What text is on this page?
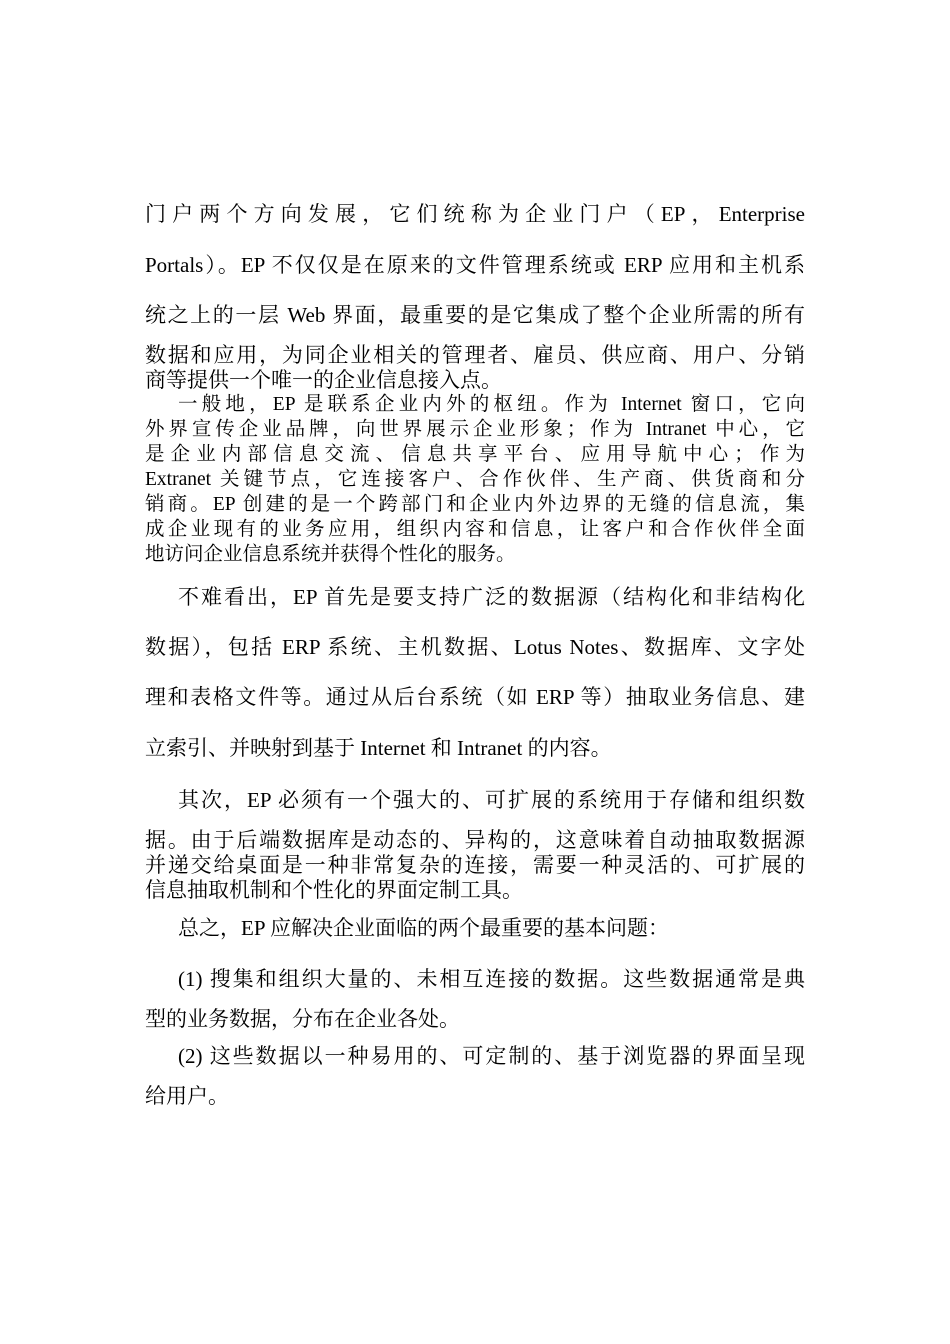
门户两个方向发展，它们统称为企业门户（EP，Enterprise
Portals）。EP 不仅仅是在原来的文件管理系统或 ERP 应用和主机系
统之上的一层 Web 界面，最重要的是它集成了整个企业所需的所有
数据和应用，为同企业相关的管理者、雇员、供应商、用户、分销
商等提供一个唯一的企业信息接入点。
一般地，EP 是联系企业内外的枢纽。作为 Internet 窗口，它向
外界宣传企业品牌，向世界展示企业形象；作为 Intranet 中心，它
是企业内部信息交流、信息共享平台、应用导航中心；作为
Extranet 关键节点，它连接客户、合作伙伴、生产商、供货商和分
销商。EP 创建的是一个跨部门和企业内外边界的无缝的信息流，集
成企业现有的业务应用，组织内容和信息，让客户和合作伙伴全面
地访问企业信息系统并获得个性化的服务。
不难看出，EP 首先是要支持广泛的数据源（结构化和非结构化
数据），包括 ERP 系统、主机数据、Lotus Notes、数据库、文字处
理和表格文件等。通过从后台系统（如 ERP 等）抽取业务信息、建
立索引、并映射到基于 Internet 和 Intranet 的内容。
其次，EP 必须有一个强大的、可扩展的系统用于存储和组织数
据。由于后端数据库是动态的、异构的，这意味着自动抽取数据源
并递交给桌面是一种非常复杂的连接，需要一种灵活的、可扩展的
信息抽取机制和个性化的界面定制工具。
总之，EP 应解决企业面临的两个最重要的基本问题：
(1) 搜集和组织大量的、未相互连接的数据。这些数据通常是典
型的业务数据，分布在企业各处。
(2) 这些数据以一种易用的、可定制的、基于浏览器的界面呈现
给用户。
